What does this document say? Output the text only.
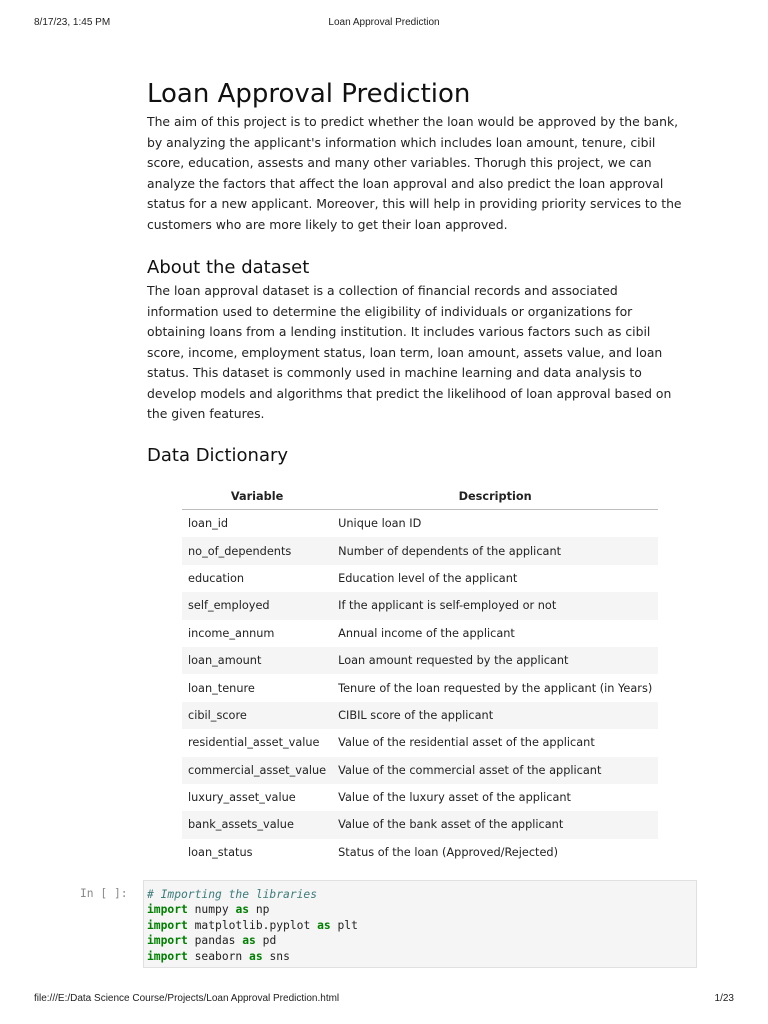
8/17/23, 1:45 PM	Loan Approval Prediction
Loan Approval Prediction

The aim of this project is to predict whether the loan would be approved by the bank, by analyzing the applicant's information which includes loan amount, tenure, cibil score, education, assests and many other variables. Thorugh this project, we can analyze the factors that affect the loan approval and also predict the loan approval status for a new applicant. Moreover, this will help in providing priority services to the customers who are more likely to get their loan approved.

About the dataset

The loan approval dataset is a collection of financial records and associated information used to determine the eligibility of individuals or organizations for obtaining loans from a lending institution. It includes various factors such as cibil score, income, employment status, loan term, loan amount, assets value, and loan status. This dataset is commonly used in machine learning and data analysis to develop models and algorithms that predict the likelihood of loan approval based on the given features.

Data Dictionary
Variable	Description
loan_id	Unique loan ID
no_of_dependents	Number of dependents of the applicant
education	Education level of the applicant
self_employed	If the applicant is self-employed or not
income_annum	Annual income of the applicant
loan_amount	Loan amount requested by the applicant
loan_tenure	Tenure of the loan requested by the applicant (in Years)
cibil_score	CIBIL score of the applicant
residential_asset_value	Value of the residential asset of the applicant
commercial_asset_value	Value of the commercial asset of the applicant
luxury_asset_value	Value of the luxury asset of the applicant
bank_assets_value	Value of the bank asset of the applicant
loan_status	Status of the loan (Approved/Rejected)
In [ ]:	# Importing the libraries
import numpy as np
import matplotlib.pyplot as plt
import pandas as pd
import seaborn as sns
file:///E:/Data Science Course/Projects/Loan Approval Prediction.html	1/23
